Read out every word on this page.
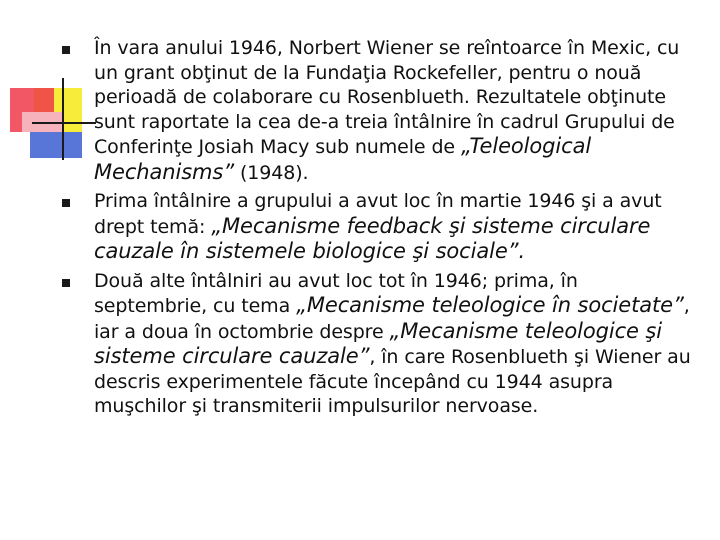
În vara anului 1946, Norbert Wiener se reîntoarce în Mexic, cu un grant obţinut de la Fundaţia Rockefeller, pentru o nouă perioadă de colaborare cu Rosenblueth. Rezultatele obţinute sunt raportate la cea de-a treia întâlnire în cadrul Grupului de Conferinţe Josiah Macy sub numele de „Teleological Mechanisms” (1948).
Prima întâlnire a grupului a avut loc în martie 1946 şi a avut drept temă: „Mecanisme feedback şi sisteme circulare cauzale în sistemele biologice şi sociale”.
Două alte întâlniri au avut loc tot în 1946; prima, în septembrie, cu tema „Mecanisme teleologice în societate”, iar a doua în octombrie despre „Mecanisme teleologice şi sisteme circulare cauzale”, în care Rosenblueth şi Wiener au descris experimentele făcute începând cu 1944 asupra muşchilor şi transmiterii impulsurilor nervoase.
